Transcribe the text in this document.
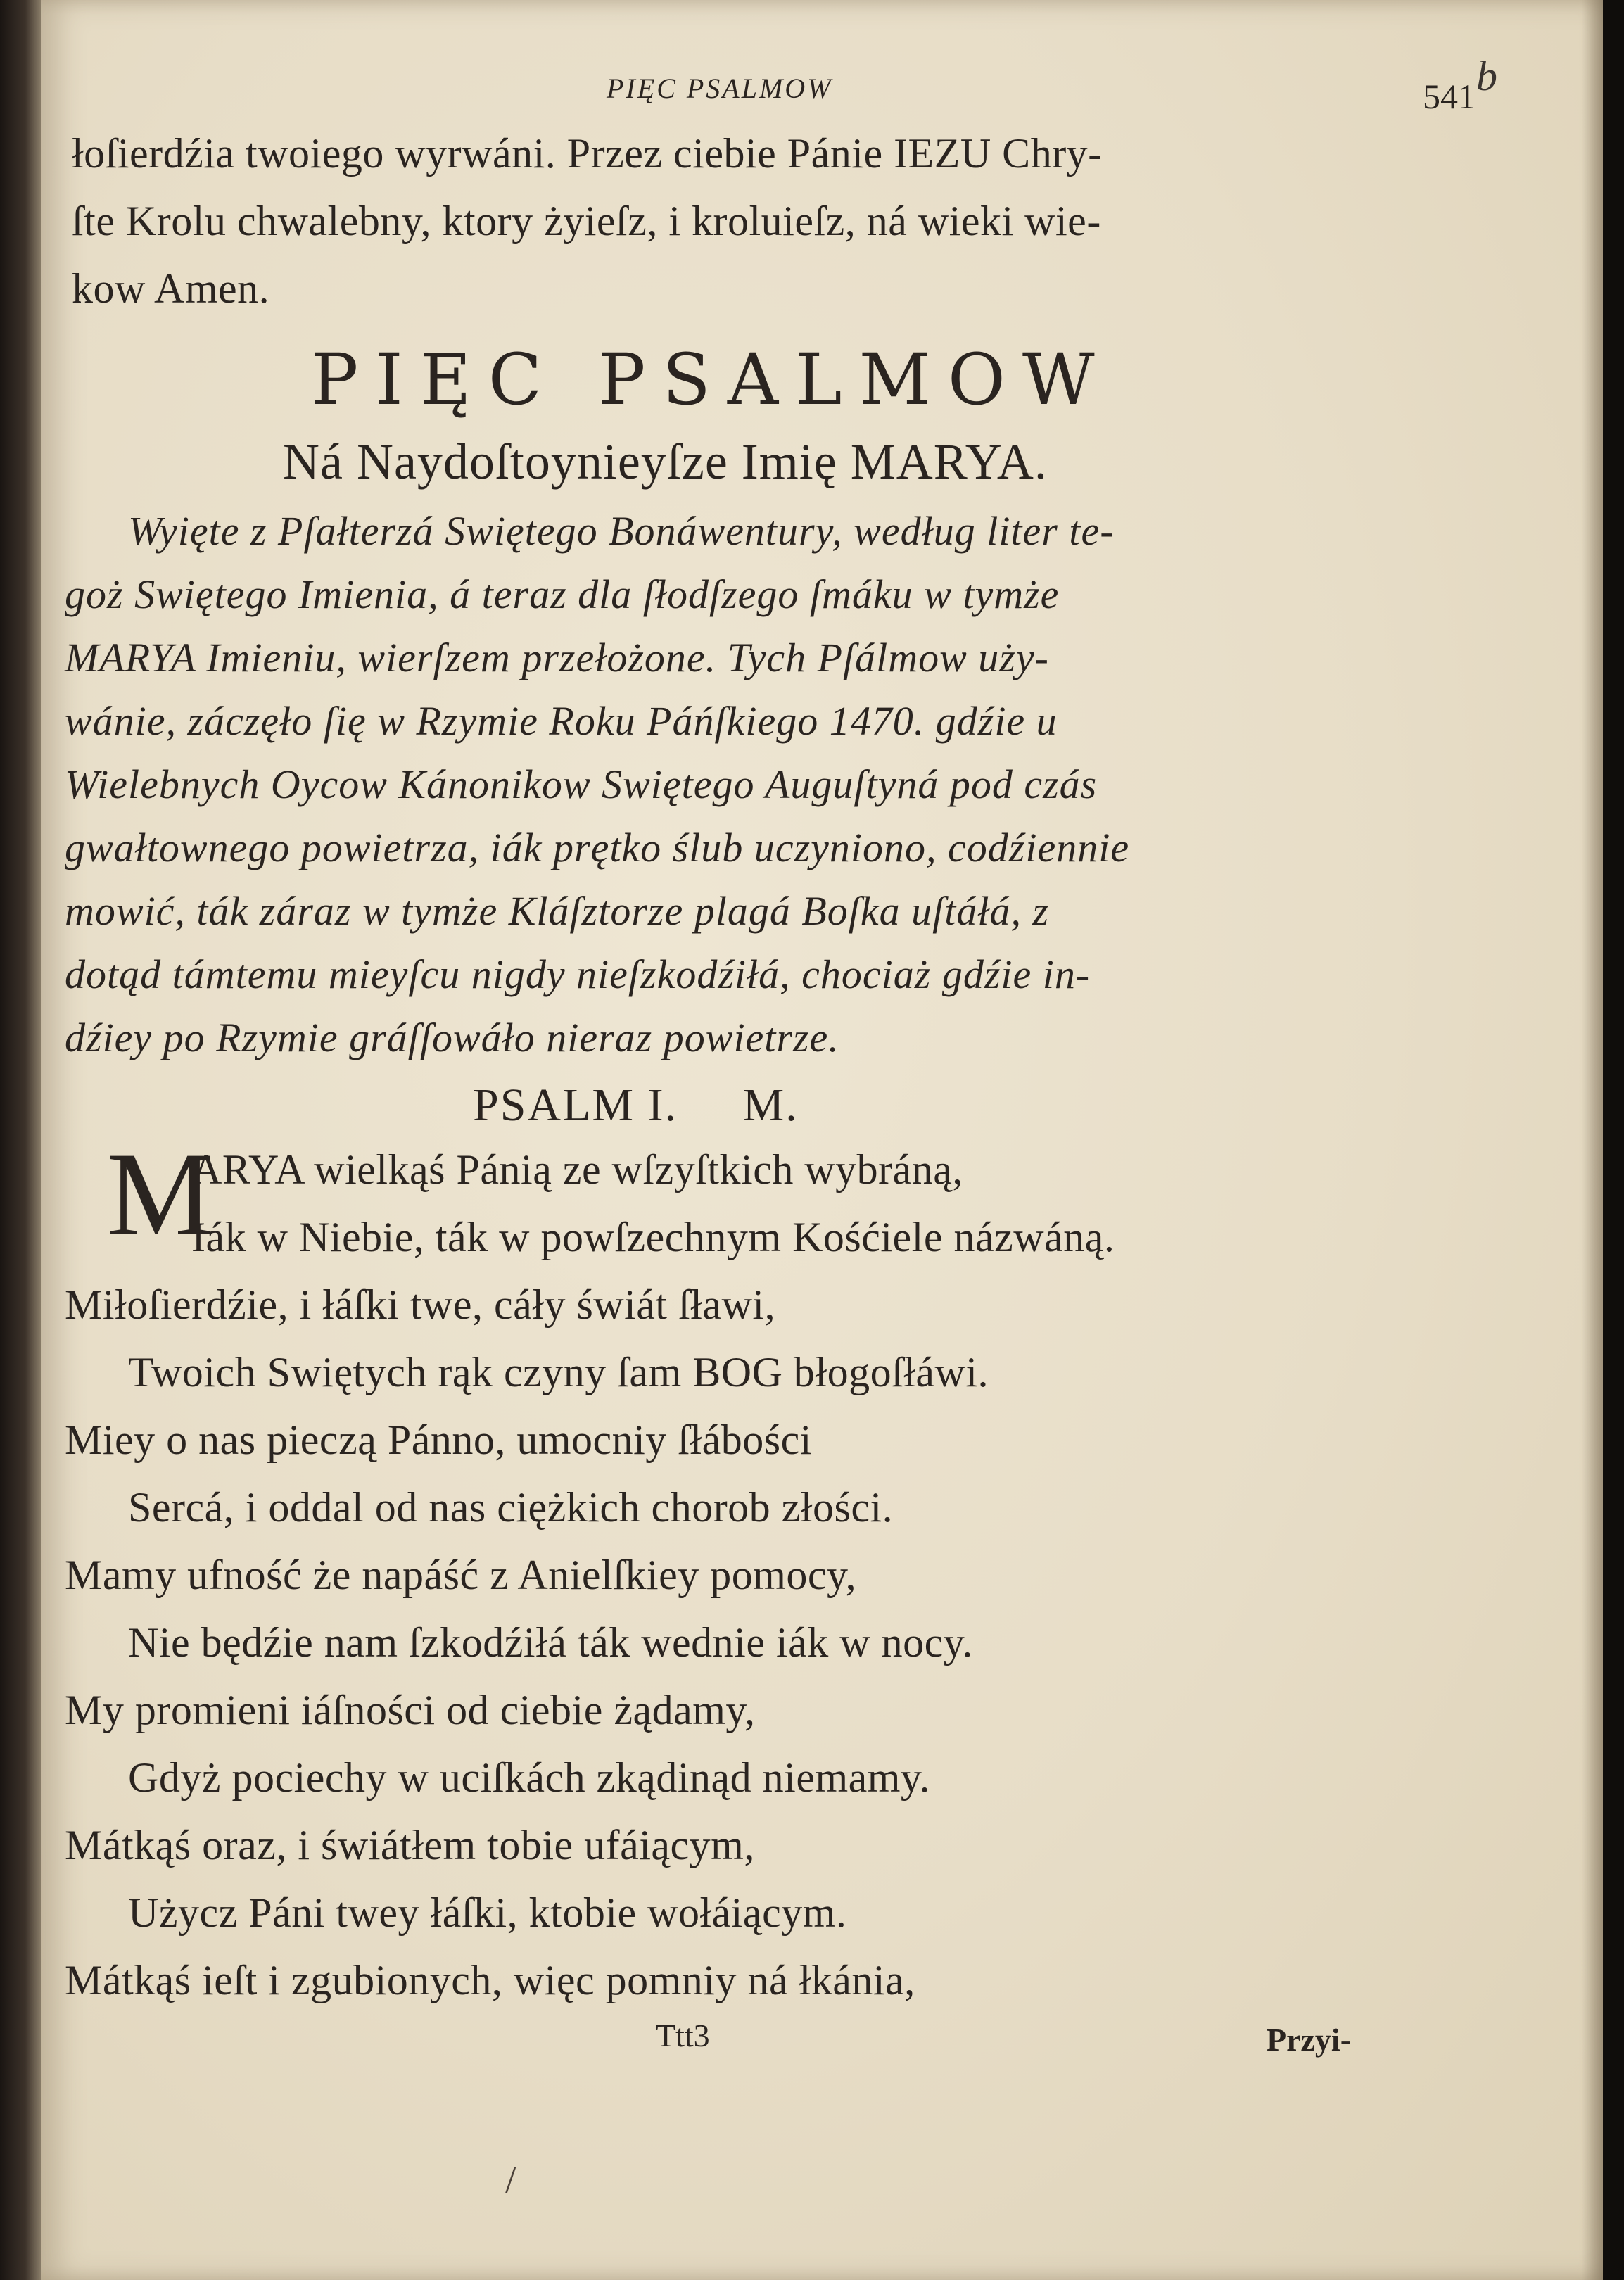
PIĘC PSALMOW	541 b

łoſierdźia twoiego wyrwáni. Przez ciebie Pánie IEZU Chry-

ſte Krolu chwalebny, ktory żyieſz, i kroluieſz, ná wieki wie-

kow Amen.

PIĘC PSALMOW

Ná Naydoſtoynieyſze Imię MARYA.

Wyięte z Pſałterzá Swiętego Bonáwentury, według liter te-

goż Swiętego Imienia, á teraz dla ſłodſzego ſmáku w tymże

MARYA Imieniu, wierſzem przełożone. Tych Pſálmow uży-

wánie, záczęło ſię w Rzymie Roku Páńſkiego 1470. gdźie u

Wielebnych Oycow Kánonikow Swiętego Auguſtyná pod czás

gwałtownego powietrza, iák prętko ślub uczyniono, codźiennie

mowić, ták záraz w tymże Kláſztorze plagá Boſka uſtáłá, z

dotąd támtemu mieyſcu nigdy nieſzkodźiłá, chociaż gdźie in-

dźiey po Rzymie gráſſowáło nieraz powietrze.

PSALM I.     M.

M

ARYA wielkąś Pánią ze wſzyſtkich wybráną,

Iák w Niebie, ták w powſzechnym Kośćiele názwáną.

Miłoſierdźie, i łáſki twe, cáły świát ſławi,

Twoich Swiętych rąk czyny ſam BOG błogoſłáwi.

Miey o nas pieczą Pánno, umocniy ſłábości

Sercá, i oddal od nas ciężkich chorob złości.

Mamy ufność że napáść z Anielſkiey pomocy,

Nie będźie nam ſzkodźiłá ták wednie iák w nocy.

My promieni iáſności od ciebie żądamy,

Gdyż pociechy w uciſkách zkądinąd niemamy.

Mátkąś oraz, i świátłem tobie ufáiącym,

Użycz Páni twey łáſki, ktobie wołáiącym.

Mátkąś ieſt i zgubionych, więc pomniy ná łkánia,

Ttt3	Przyi-

/
